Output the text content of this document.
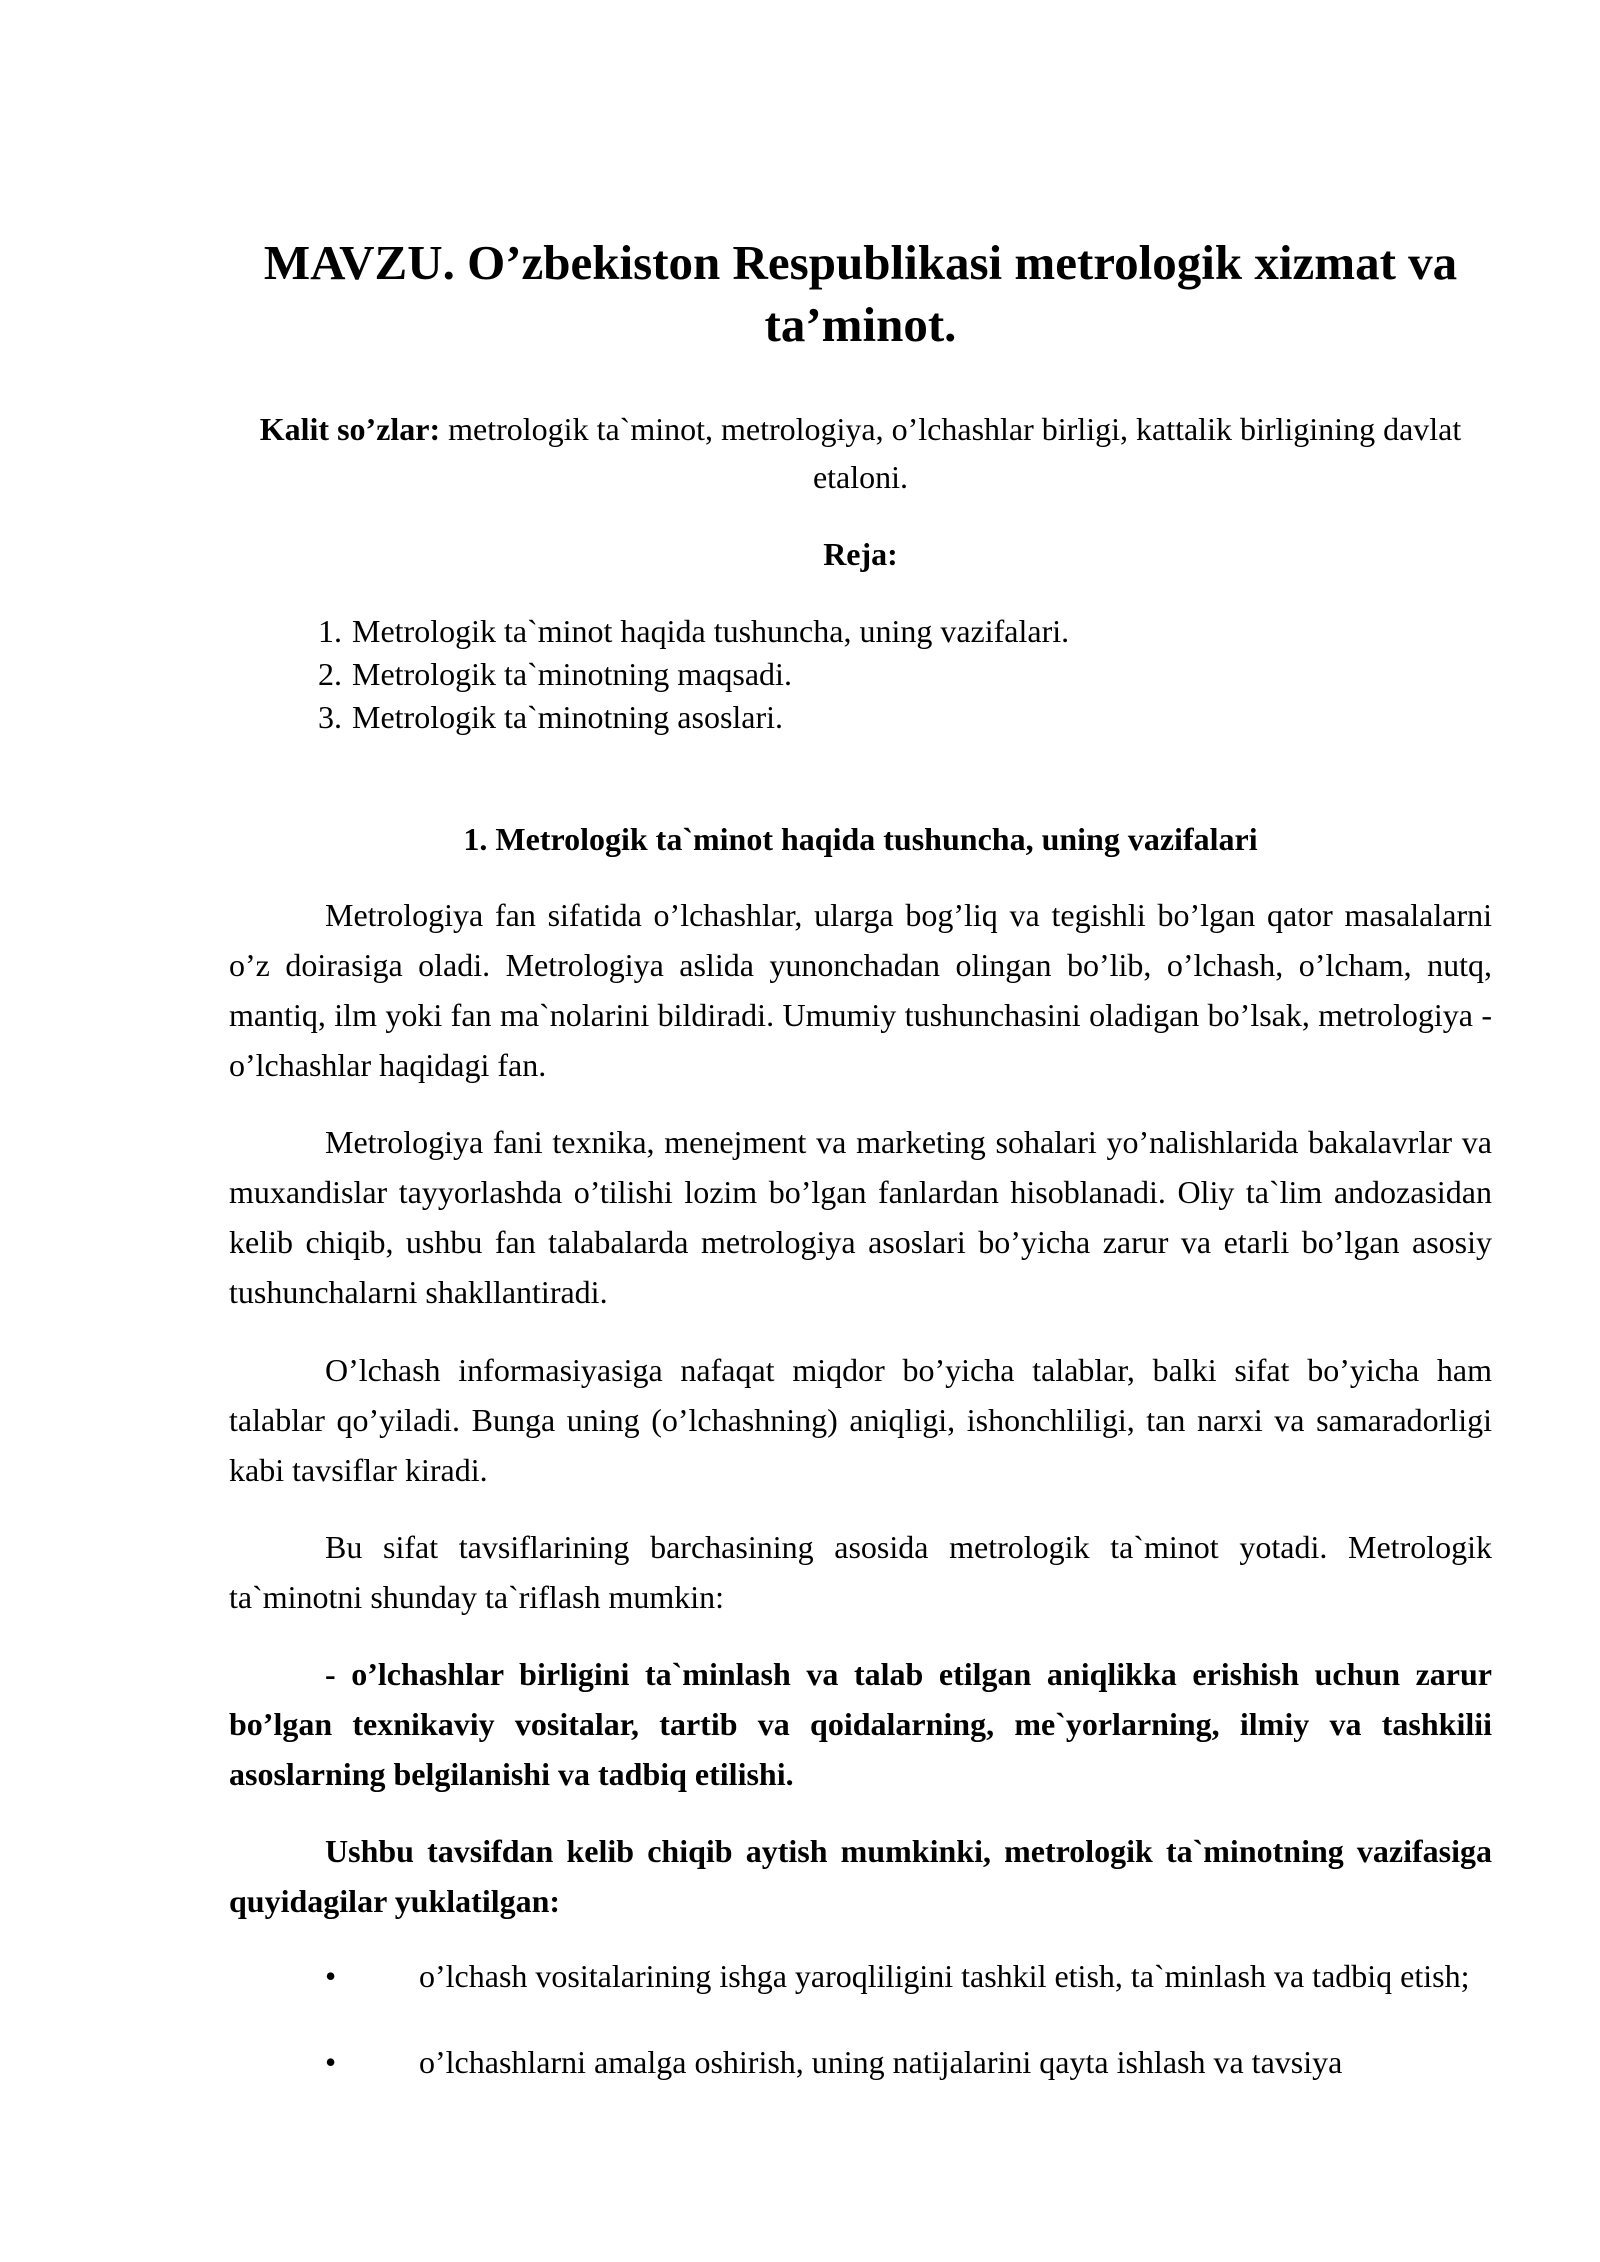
MAVZU. O’zbekiston Respublikasi metrologik xizmat va ta’minot.
Kalit so’zlar: metrologik ta`minot, metrologiya, o’lchashlar birligi, kattalik birligining davlat etaloni.
Reja:
1. Metrologik ta`minot haqida tushuncha, uning vazifalari.
2. Metrologik ta`minotning maqsadi.
3. Metrologik ta`minotning asoslari.
1. Metrologik ta`minot haqida tushuncha, uning vazifalari

Metrologiya fan sifatida o’lchashlar, ularga bog’liq va tegishli bo’lgan qator masalalarni o’z doirasiga oladi. Metrologiya aslida yunonchadan olingan bo’lib, o’lchash, o’lcham, nutq, mantiq, ilm yoki fan ma`nolarini bildiradi. Umumiy tushunchasini oladigan bo’lsak, metrologiya - o’lchashlar haqidagi fan.

Metrologiya fani texnika, menejment va marketing sohalari yo’nalishlarida bakalavrlar va muxandislar tayyorlashda o’tilishi lozim bo’lgan fanlardan hisoblanadi. Oliy ta`lim andozasidan kelib chiqib, ushbu fan talabalarda metrologiya asoslari bo’yicha zarur va etarli bo’lgan asosiy tushunchalarni shakllantiradi.

O’lchash informasiyasiga nafaqat miqdor bo’yicha talablar, balki sifat bo’yicha ham talablar qo’yiladi. Bunga uning (o’lchashning) aniqligi, ishonchliligi, tan narxi va samaradorligi kabi tavsiflar kiradi.

Bu sifat tavsiflarining barchasining asosida metrologik ta`minot yotadi. Metrologik ta`minotni shunday ta`riflash mumkin:

- o’lchashlar birligini ta`minlash va talab etilgan aniqlikka erishish uchun zarur bo’lgan texnikaviy vositalar, tartib va qoidalarning, me`yorlarning, ilmiy va tashkilii asoslarning belgilanishi va tadbiq etilishi.

Ushbu tavsifdan kelib chiqib aytish mumkinki, metrologik ta`minotning vazifasiga quyidagilar yuklatilgan:

•	o’lchash vositalarining ishga yaroqliligini tashkil etish, ta`minlash va tadbiq etish;
•	o’lchashlarni amalga oshirish, uning natijalarini qayta ishlash va tavsiya
